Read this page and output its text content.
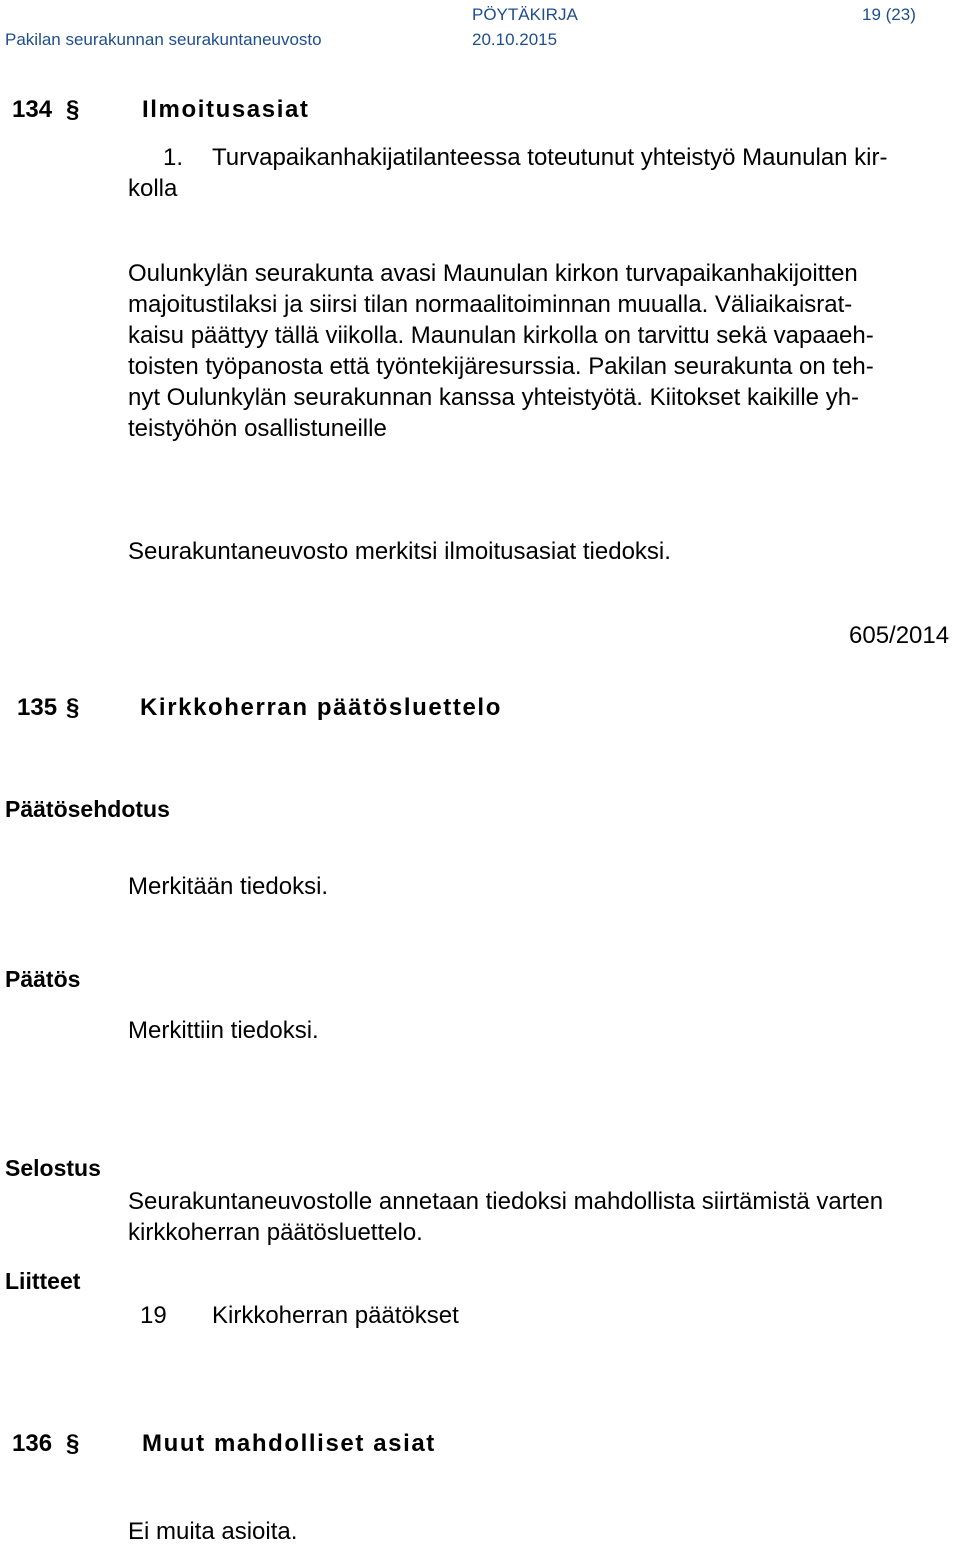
PÖYTÄKIRJA	19 (23)
Pakilan seurakunnan seurakuntaneuvosto	20.10.2015
134 §	Ilmoitusasiat
1. Turvapaikanhakijatilanteessa toteutunut yhteistyö Maunulan kir-
kolla
Oulunkylän seurakunta avasi Maunulan kirkon turvapaikanhakijoitten
majoitustilaksi ja siirsi tilan normaalitoiminnan muualla. Väliaikaisrat-
kaisu päättyy tällä viikolla. Maunulan kirkolla on tarvittu sekä vapaaeh-
toisten työpanosta että työntekijäresurssia. Pakilan seurakunta on teh-
nyt Oulunkylän seurakunnan kanssa yhteistyötä. Kiitokset kaikille yh-
teistyöhön osallistuneille
Seurakuntaneuvosto merkitsi ilmoitusasiat tiedoksi.
605/2014
135 §	Kirkkoherran päätösluettelo
Päätösehdotus
Merkitään tiedoksi.
Päätös
Merkittiin tiedoksi.
Selostus
Seurakuntaneuvostolle annetaan tiedoksi mahdollista siirtämistä varten
kirkkoherran päätösluettelo.
Liitteet
19 Kirkkoherran päätökset
136 §	Muut mahdolliset asiat
Ei muita asioita.
